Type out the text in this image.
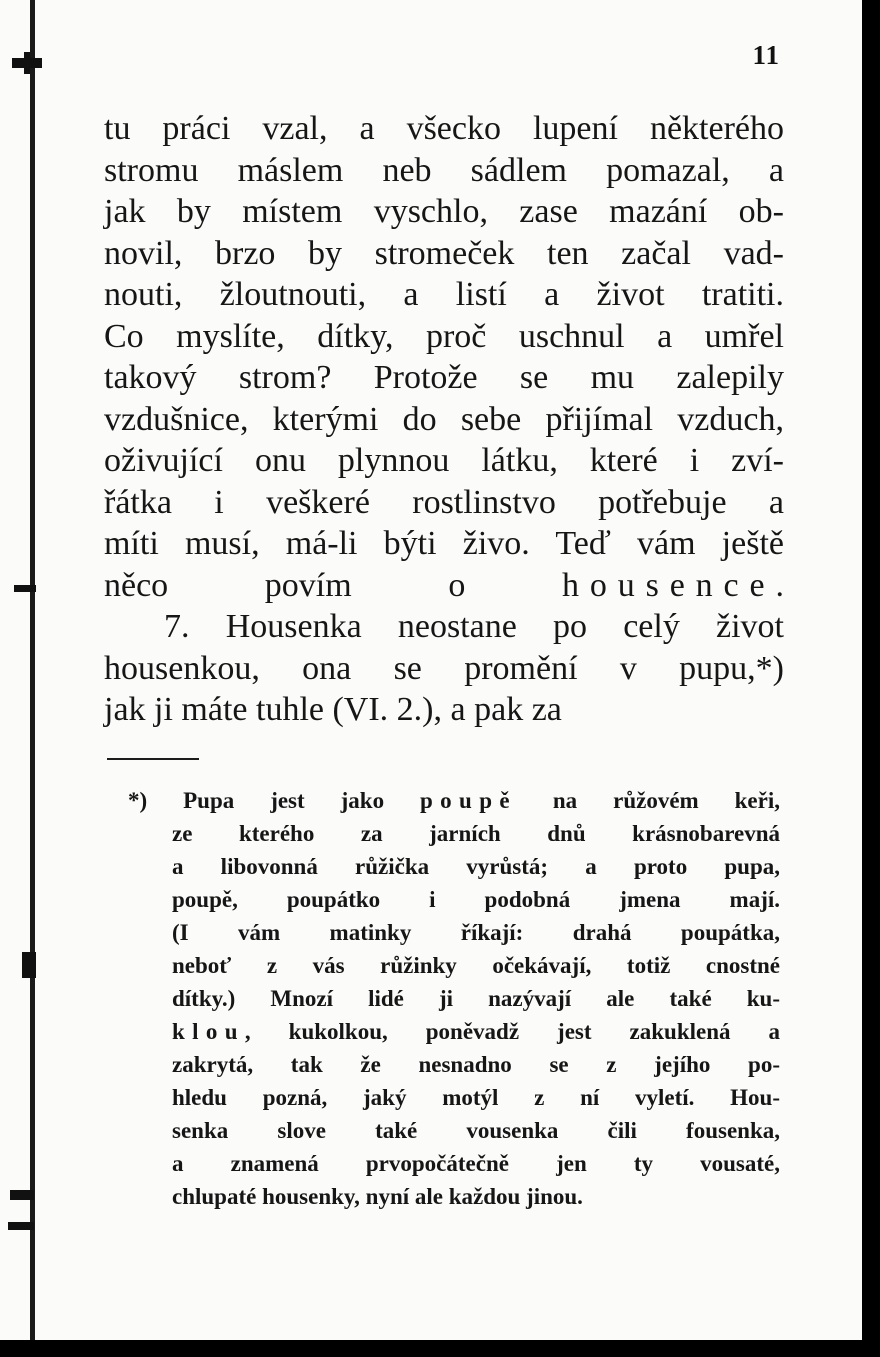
11
tu práci vzal, a všecko lupení některého
stromu máslem neb sádlem pomazal, a
jak by místem vyschlo, zase mazání ob-
novil, brzo by stromeček ten začal vad-
nouti, žloutnouti, a listí a život tratiti.
Co myslíte, dítky, proč uschnul a umřel
takový strom? Protože se mu zalepily
vzdušnice, kterými do sebe přijímal vzduch,
oživující onu plynnou látku, které i zví-
řátka i veškeré rostlinstvo potřebuje a
míti musí, má-li býti živo. Teď vám ještě
něco povím o housence.
7. Housenka neostane po celý život
housenkou, ona se promění v pupu,*)
jak ji máte tuhle (VI. 2.), a pak za
*) Pupa jest jako poupě na růžovém keři,
ze kterého za jarních dnů krásnobarevná
a libovonná růžička vyrůstá; a proto pupa,
poupě, poupátko i podobná jmena mají.
(I vám matinky říkají: drahá poupátka,
neboť z vás růžinky očekávají, totiž cnostné
dítky.) Mnozí lidé ji nazývají ale také ku-
klou, kukolkou, poněvadž jest zakuklená a
zakrytá, tak že nesnadno se z jejího po-
hledu pozná, jaký motýl z ní vyletí. Hou-
senka slove také vousenka čili fousenka,
a znamená prvopočátečně jen ty vousaté,
chlupaté housenky, nyní ale každou jinou.
